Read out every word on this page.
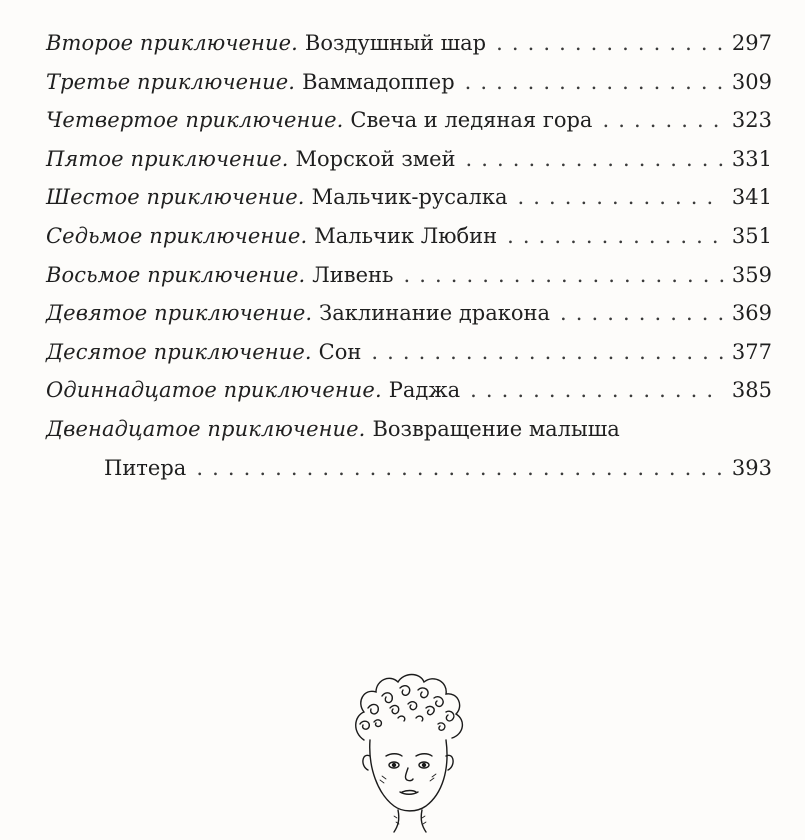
Второе приключение. Воздушный шар . . .	297
Третье приключение. Ваммадоппер . . .	309
Четвертое приключение. Свеча и ледяная гора . . .	323
Пятое приключение. Морской змей . . .	331
Шестое приключение. Мальчик-русалка . . .	341
Седьмое приключение. Мальчик Любин . . .	351
Восьмое приключение. Ливень . . .	359
Девятое приключение. Заклинание дракона . . .	369
Десятое приключение. Сон . . .	377
Одиннадцатое приключение. Раджа . . .	385
Двенадцатое приключение. Возвращение малыша
Питера . . .	393
